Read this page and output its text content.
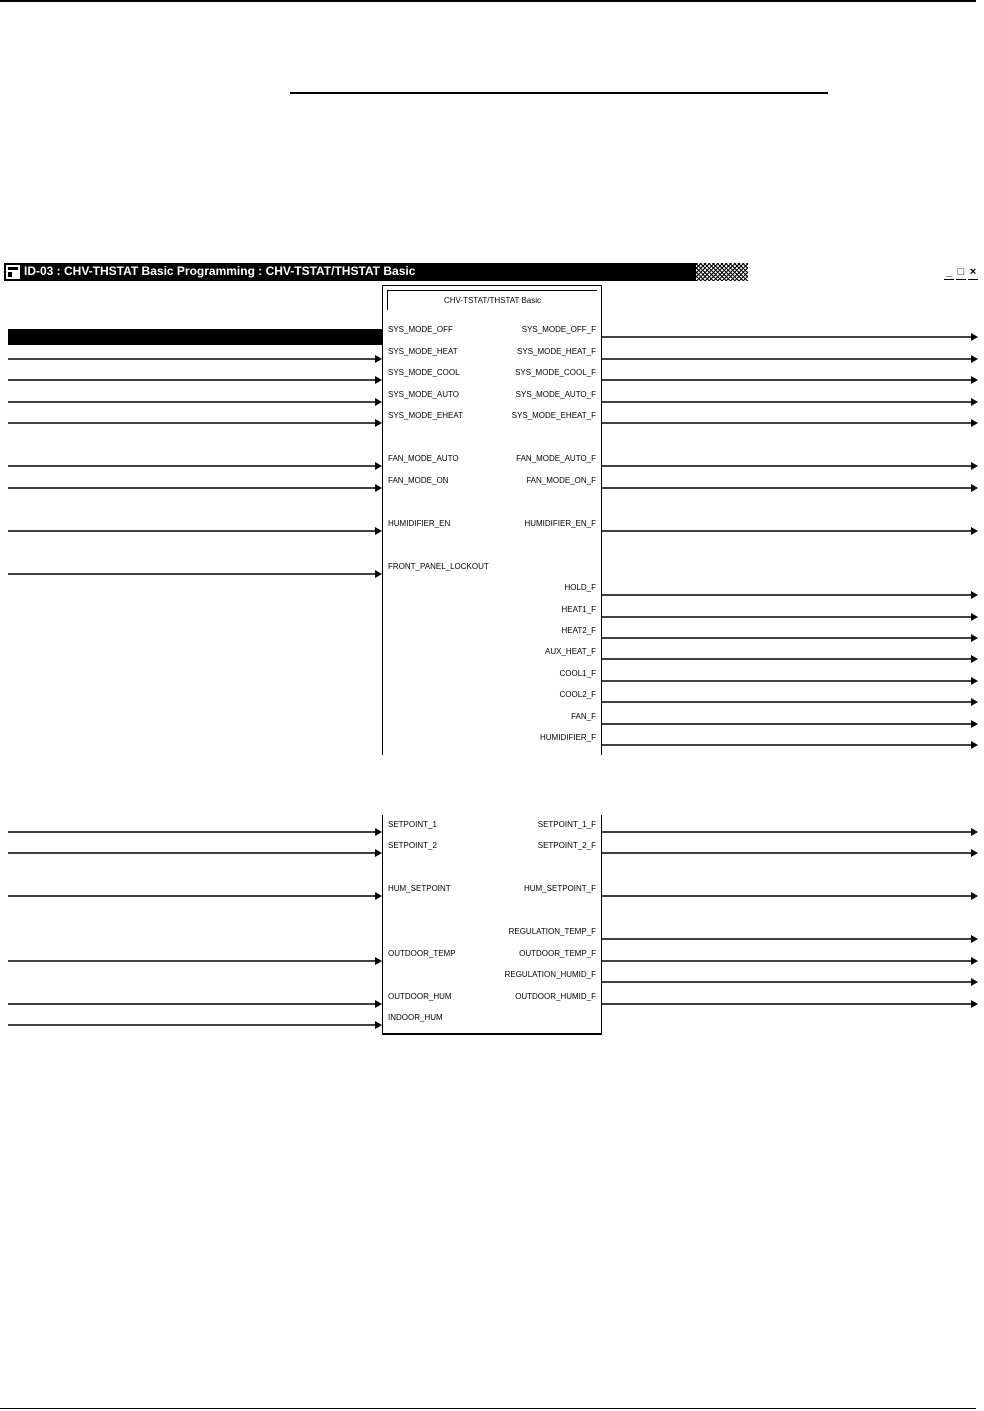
ID-03 : CHV-THSTAT Basic Programming : CHV-TSTAT/THSTAT Basic	_ □ ×
CHV-TSTAT/THSTAT Basic
SYS_MODE_OFF
SYS_MODE_HEAT
SYS_MODE_COOL
SYS_MODE_AUTO
SYS_MODE_EHEAT
FAN_MODE_AUTO
FAN_MODE_ON
HUMIDIFIER_EN
FRONT_PANEL_LOCKOUT
SYS_MODE_OFF_F
SYS_MODE_HEAT_F
SYS_MODE_COOL_F
SYS_MODE_AUTO_F
SYS_MODE_EHEAT_F
FAN_MODE_AUTO_F
FAN_MODE_ON_F
HUMIDIFIER_EN_F
HOLD_F
HEAT1_F
HEAT2_F
AUX_HEAT_F
COOL1_F
COOL2_F
FAN_F
HUMIDIFIER_F
SETPOINT_1
SETPOINT_2
HUM_SETPOINT
OUTDOOR_TEMP
OUTDOOR_HUM
INDOOR_HUM
SETPOINT_1_F
SETPOINT_2_F
HUM_SETPOINT_F
REGULATION_TEMP_F
OUTDOOR_TEMP_F
REGULATION_HUMID_F
OUTDOOR_HUMID_F
